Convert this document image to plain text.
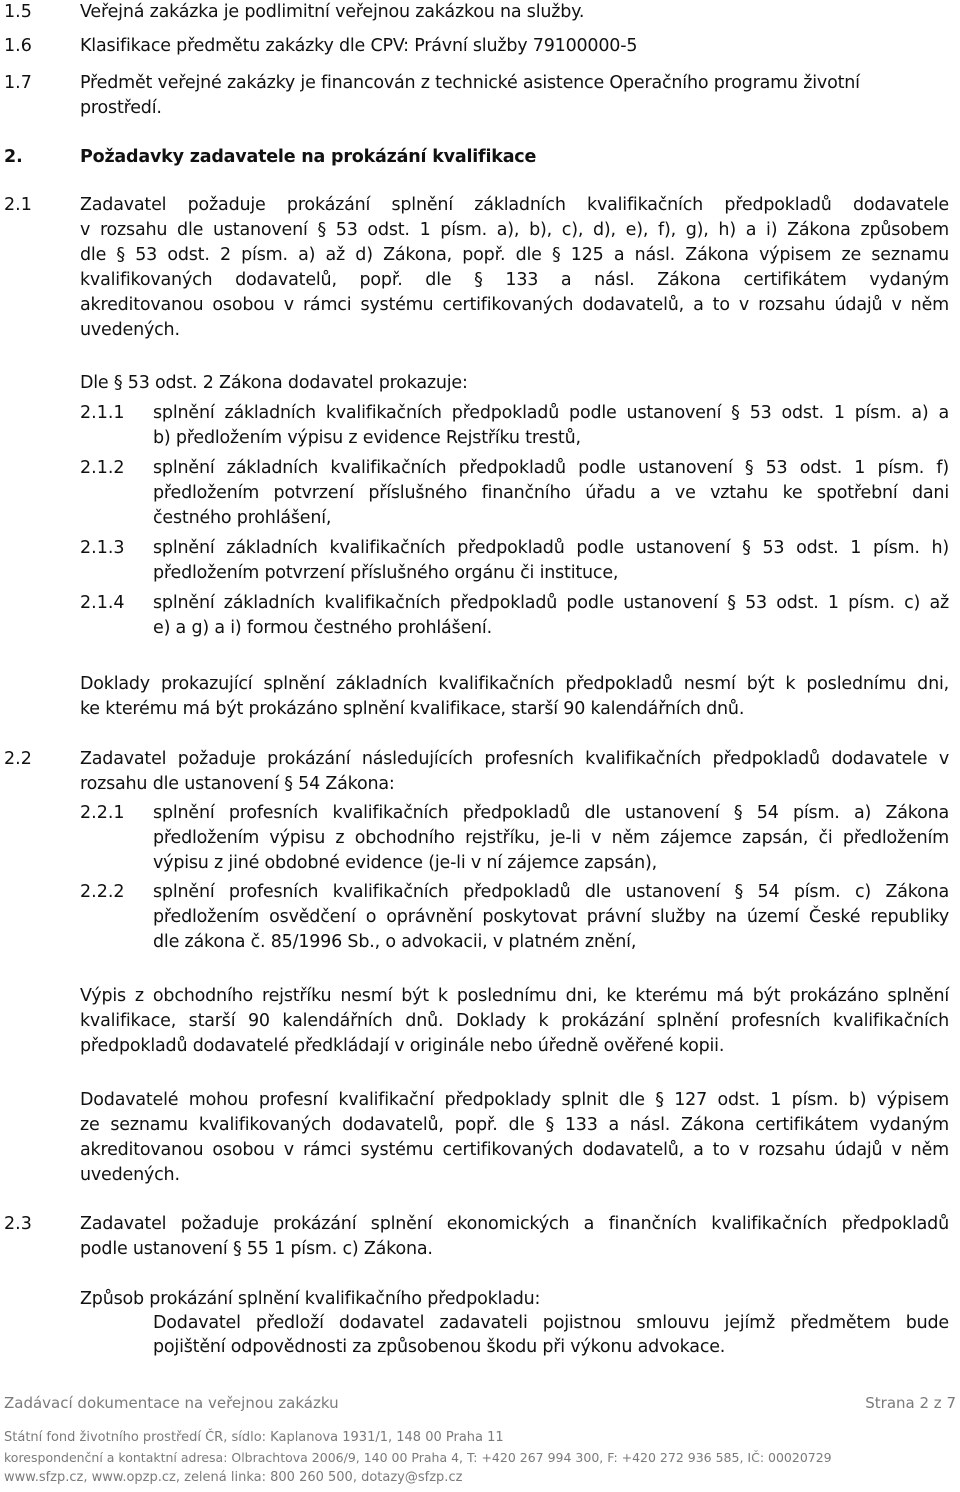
1.5	Veřejná zakázka je podlimitní veřejnou zakázkou na služby.
1.6	Klasifikace předmětu zakázky dle CPV: Právní služby 79100000-5
1.7	Předmět veřejné zakázky je financován z technické asistence Operačního programu životní
prostředí.
2.	Požadavky zadavatele na prokázání kvalifikace
2.1	Zadavatel požaduje prokázání splnění základních kvalifikačních předpokladů dodavatele
v rozsahu dle ustanovení § 53 odst. 1 písm. a), b), c), d), e), f), g), h) a i) Zákona způsobem
dle § 53 odst. 2 písm. a) až d) Zákona, popř. dle § 125 a násl. Zákona výpisem ze seznamu
kvalifikovaných dodavatelů, popř. dle § 133 a násl. Zákona certifikátem vydaným
akreditovanou osobou v rámci systému certifikovaných dodavatelů, a to v rozsahu údajů v něm
uvedených.
Dle § 53 odst. 2 Zákona dodavatel prokazuje:
2.1.1 splnění základních kvalifikačních předpokladů podle ustanovení § 53 odst. 1 písm. a) a
b) předložením výpisu z evidence Rejstříku trestů,
2.1.2 splnění základních kvalifikačních předpokladů podle ustanovení § 53 odst. 1 písm. f)
předložením potvrzení příslušného finančního úřadu a ve vztahu ke spotřební dani
čestného prohlášení,
2.1.3 splnění základních kvalifikačních předpokladů podle ustanovení § 53 odst. 1 písm. h)
předložením potvrzení příslušného orgánu či instituce,
2.1.4 splnění základních kvalifikačních předpokladů podle ustanovení § 53 odst. 1 písm. c) až
e) a g) a i) formou čestného prohlášení.
Doklady prokazující splnění základních kvalifikačních předpokladů nesmí být k poslednímu dni,
ke kterému má být prokázáno splnění kvalifikace, starší 90 kalendářních dnů.
2.2	Zadavatel požaduje prokázání následujících profesních kvalifikačních předpokladů dodavatele v
rozsahu dle ustanovení § 54 Zákona:
2.2.1 splnění profesních kvalifikačních předpokladů dle ustanovení § 54 písm. a) Zákona
předložením výpisu z obchodního rejstříku, je-li v něm zájemce zapsán, či předložením
výpisu z jiné obdobné evidence (je-li v ní zájemce zapsán),
2.2.2 splnění profesních kvalifikačních předpokladů dle ustanovení § 54 písm. c) Zákona
předložením osvědčení o oprávnění poskytovat právní služby na území České republiky
dle zákona č. 85/1996 Sb., o advokacii, v platném znění,
Výpis z obchodního rejstříku nesmí být k poslednímu dni, ke kterému má být prokázáno splnění
kvalifikace, starší 90 kalendářních dnů. Doklady k prokázání splnění profesních kvalifikačních
předpokladů dodavatelé předkládají v originále nebo úředně ověřené kopii.
Dodavatelé mohou profesní kvalifikační předpoklady splnit dle § 127 odst. 1 písm. b) výpisem
ze seznamu kvalifikovaných dodavatelů, popř. dle § 133 a násl. Zákona certifikátem vydaným
akreditovanou osobou v rámci systému certifikovaných dodavatelů, a to v rozsahu údajů v něm
uvedených.
2.3	Zadavatel požaduje prokázání splnění ekonomických a finančních kvalifikačních předpokladů
podle ustanovení § 55 1 písm. c) Zákona.
Způsob prokázání splnění kvalifikačního předpokladu:
Dodavatel předloží dodavatel zadavateli pojistnou smlouvu jejímž předmětem bude
pojištění odpovědnosti za způsobenou škodu při výkonu advokace.
Zadávací dokumentace na veřejnou zakázku	Strana 2 z 7
Státní fond životního prostředí ČR, sídlo: Kaplanova 1931/1, 148 00 Praha 11
korespondenční a kontaktní adresa: Olbrachtova 2006/9, 140 00 Praha 4, T: +420 267 994 300, F: +420 272 936 585, IČ: 00020729
www.sfzp.cz, www.opzp.cz, zelená linka: 800 260 500, dotazy@sfzp.cz
